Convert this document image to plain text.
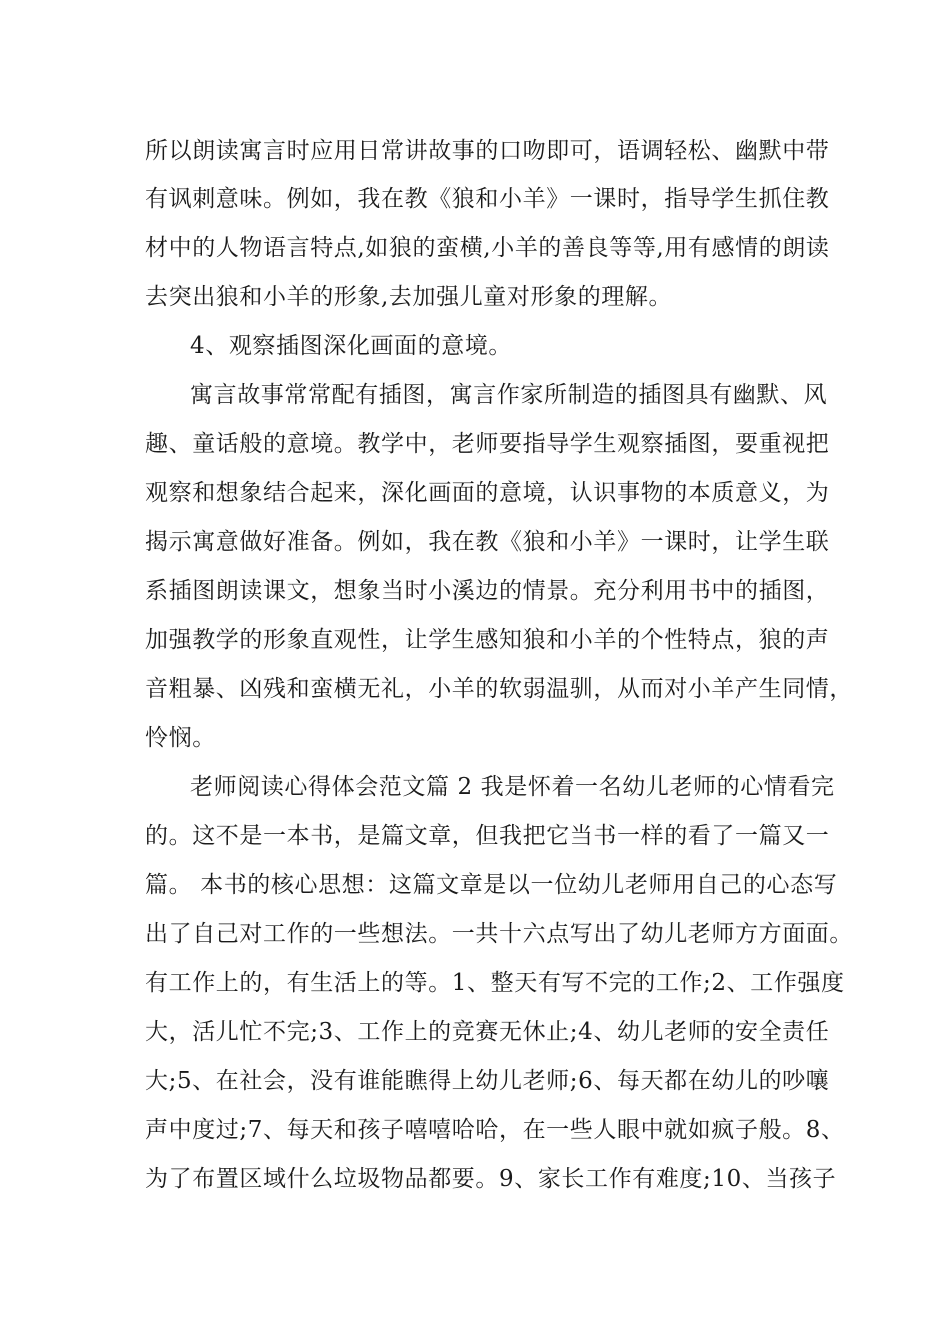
所以朗读寓言时应用日常讲故事的口吻即可，语调轻松、幽默中带
有讽刺意味。例如，我在教《狼和小羊》一课时，指导学生抓住教
材中的人物语言特点,如狼的蛮横,小羊的善良等等,用有感情的朗读
去突出狼和小羊的形象,去加强儿童对形象的理解。
4、观察插图深化画面的意境。
寓言故事常常配有插图，寓言作家所制造的插图具有幽默、风
趣、童话般的意境。教学中，老师要指导学生观察插图，要重视把
观察和想象结合起来，深化画面的意境，认识事物的本质意义，为
揭示寓意做好准备。例如，我在教《狼和小羊》一课时，让学生联
系插图朗读课文，想象当时小溪边的情景。充分利用书中的插图，
加强教学的形象直观性，让学生感知狼和小羊的个性特点，狼的声
音粗暴、凶残和蛮横无礼，小羊的软弱温驯，从而对小羊产生同情，
怜悯。
老师阅读心得体会范文篇 2 我是怀着一名幼儿老师的心情看完
的。这不是一本书，是篇文章，但我把它当书一样的看了一篇又一
篇。 本书的核心思想：这篇文章是以一位幼儿老师用自己的心态写
出了自己对工作的一些想法。一共十六点写出了幼儿老师方方面面。
有工作上的，有生活上的等。1、整天有写不完的工作;2、工作强度
大，活儿忙不完;3、工作上的竞赛无休止;4、幼儿老师的安全责任
大;5、在社会，没有谁能瞧得上幼儿老师;6、每天都在幼儿的吵嚷
声中度过;7、每天和孩子嘻嘻哈哈，在一些人眼中就如疯子般。8、
为了布置区域什么垃圾物品都要。9、家长工作有难度;10、当孩子
